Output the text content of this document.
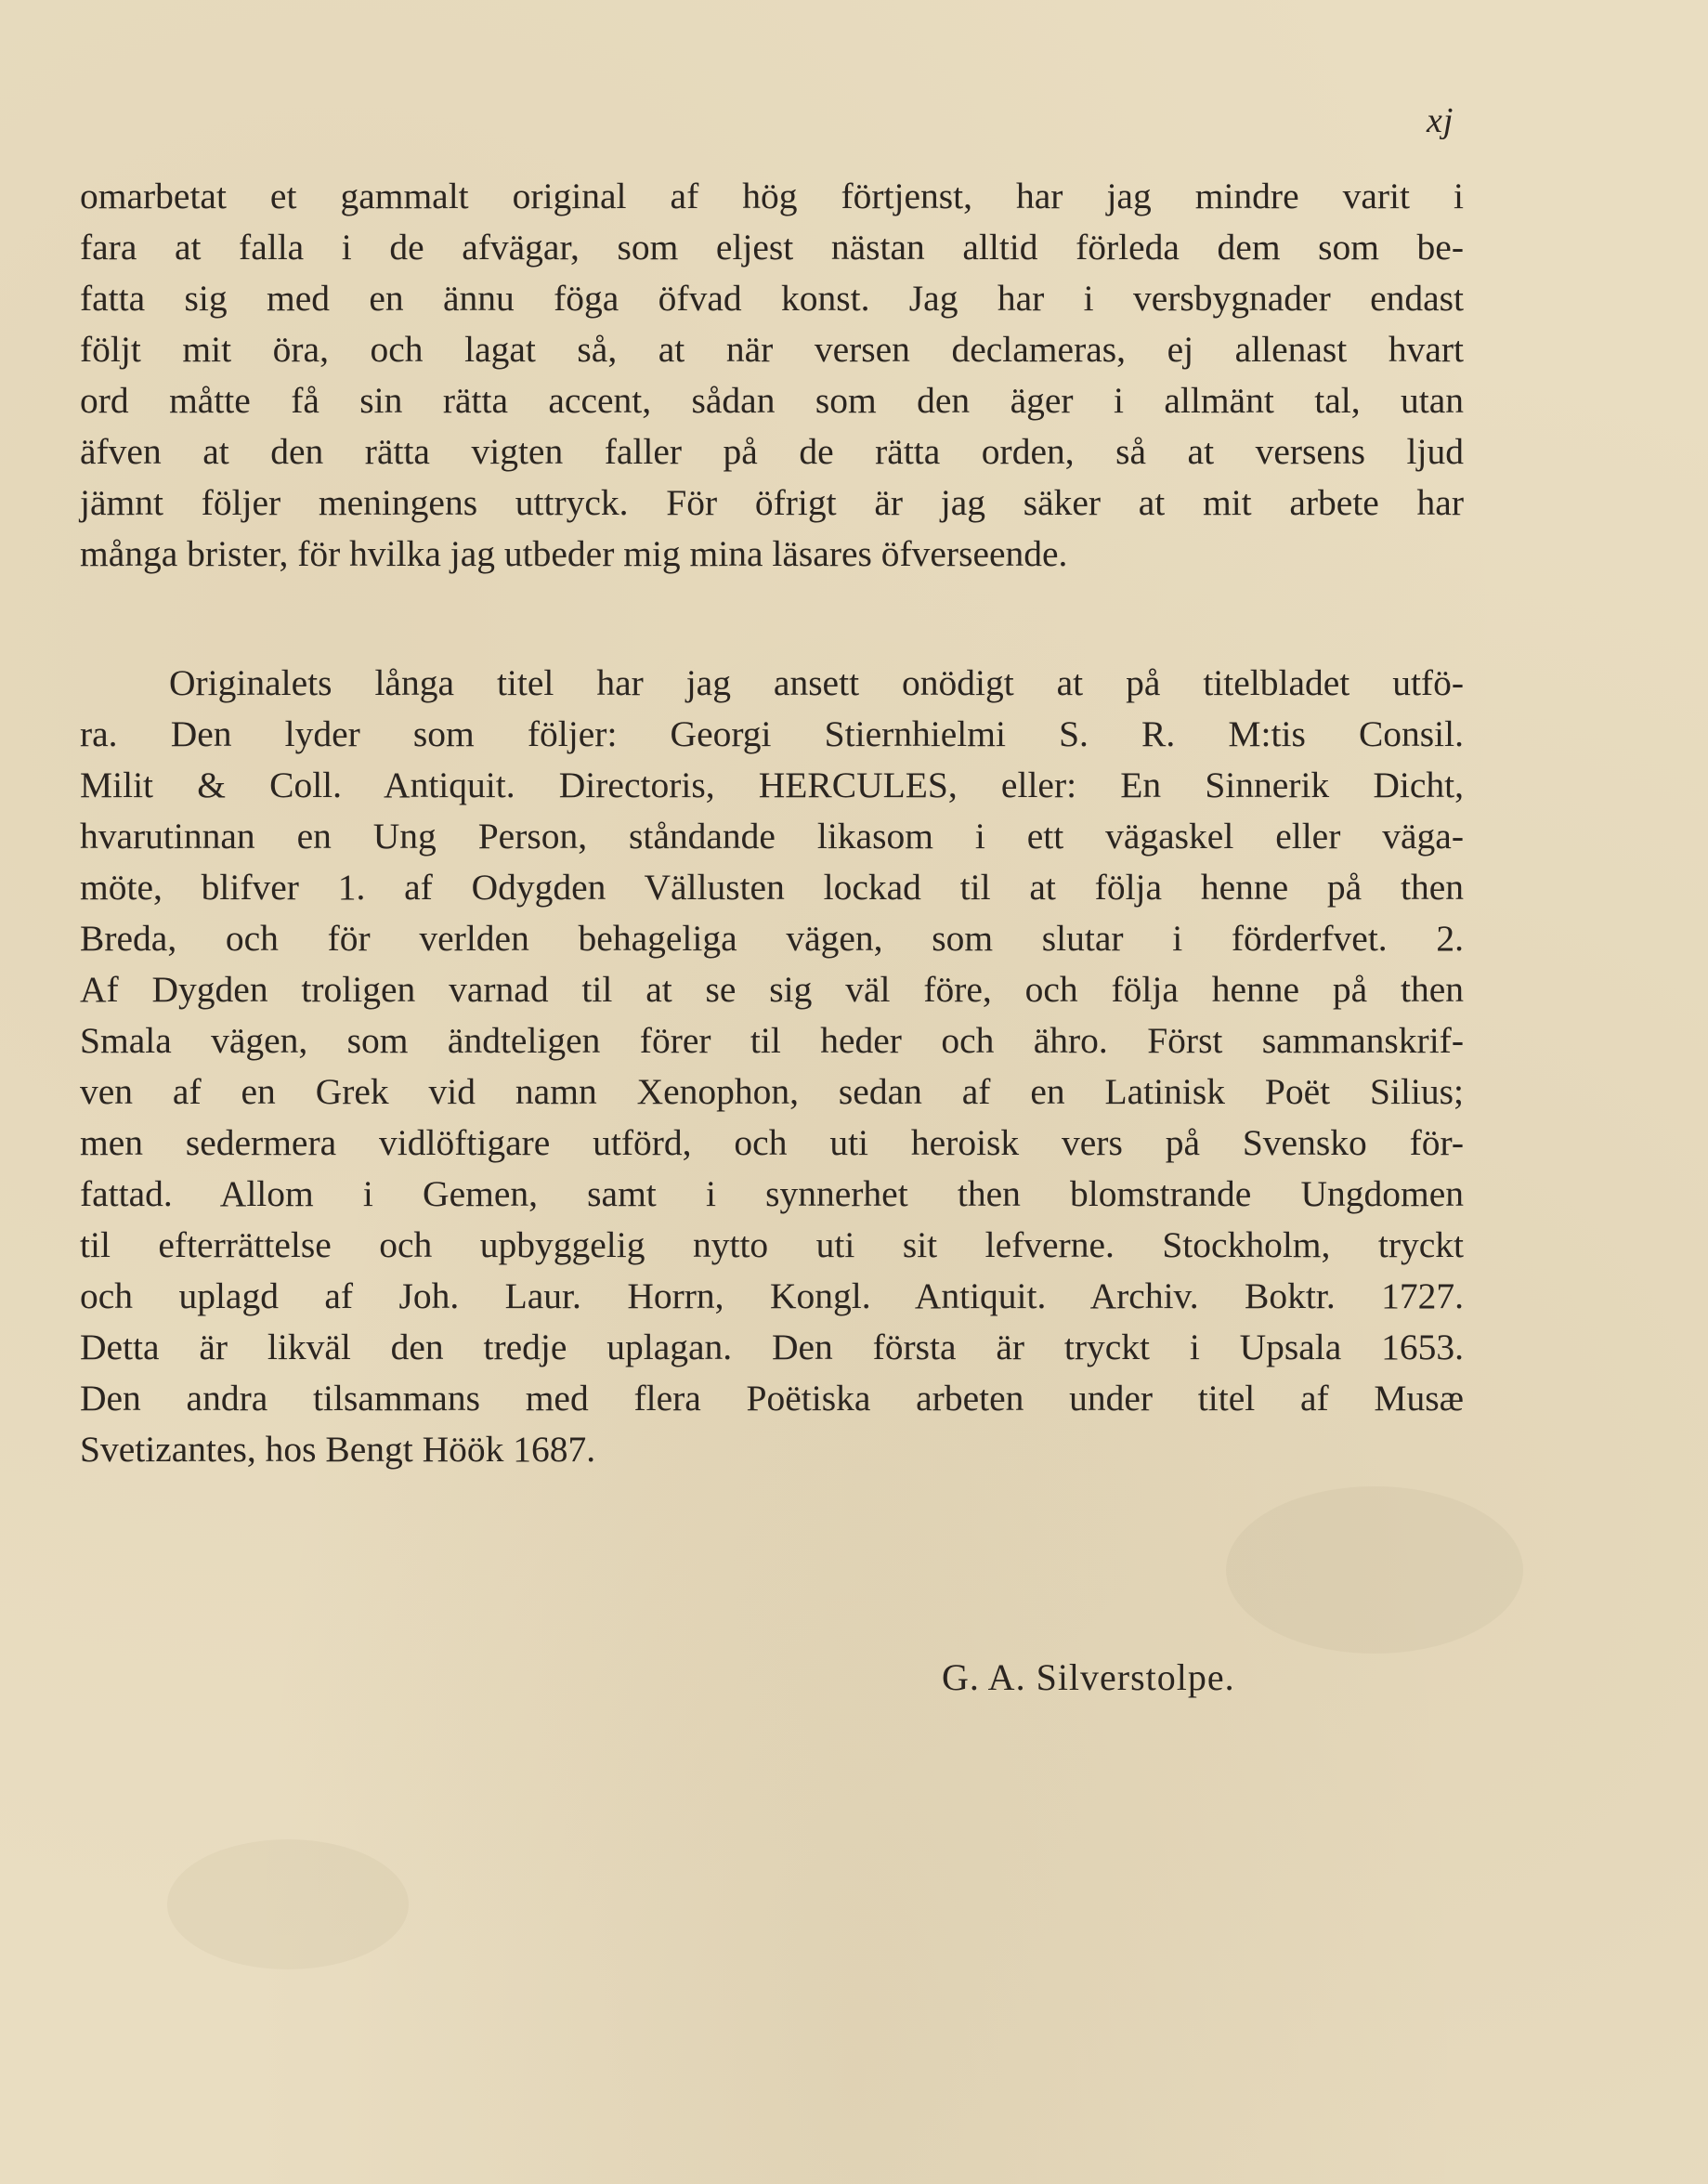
xj
omarbetat et gammalt original af hög förtjenst, har jag mindre varit i
fara at falla i de afvägar, som eljest nästan alltid förleda dem som be-
fatta sig med en ännu föga öfvad konst. Jag har i versbygnader endast
följt mit öra, och lagat så, at när versen declameras, ej allenast hvart
ord måtte få sin rätta accent, sådan som den äger i allmänt tal, utan
äfven at den rätta vigten faller på de rätta orden, så at versens ljud
jämnt följer meningens uttryck. För öfrigt är jag säker at mit arbete har
många brister, för hvilka jag utbeder mig mina läsares öfverseende.
Originalets långa titel har jag ansett onödigt at på titelbladet utfö-
ra. Den lyder som följer: Georgi Stiernhielmi S. R. M:tis Consil.
Milit & Coll. Antiquit. Directoris, HERCULES, eller: En Sinnerik Dicht,
hvarutinnan en Ung Person, ståndande likasom i ett vägaskel eller väga-
möte, blifver 1. af Odygden Vällusten lockad til at följa henne på then
Breda, och för verlden behageliga vägen, som slutar i förderfvet. 2.
Af Dygden troligen varnad til at se sig väl före, och följa henne på then
Smala vägen, som ändteligen förer til heder och ähro. Först sammanskrif-
ven af en Grek vid namn Xenophon, sedan af en Latinisk Poët Silius;
men sedermera vidlöftigare utförd, och uti heroisk vers på Svensko för-
fattad. Allom i Gemen, samt i synnerhet then blomstrande Ungdomen
til efterrättelse och upbyggelig nytto uti sit lefverne. Stockholm, tryckt
och uplagd af Joh. Laur. Horrn, Kongl. Antiquit. Archiv. Boktr. 1727.
Detta är likväl den tredje uplagan. Den första är tryckt i Upsala 1653.
Den andra tilsammans med flera Poëtiska arbeten under titel af Musæ
Svetizantes, hos Bengt Höök 1687.
G. A. Silverstolpe.
